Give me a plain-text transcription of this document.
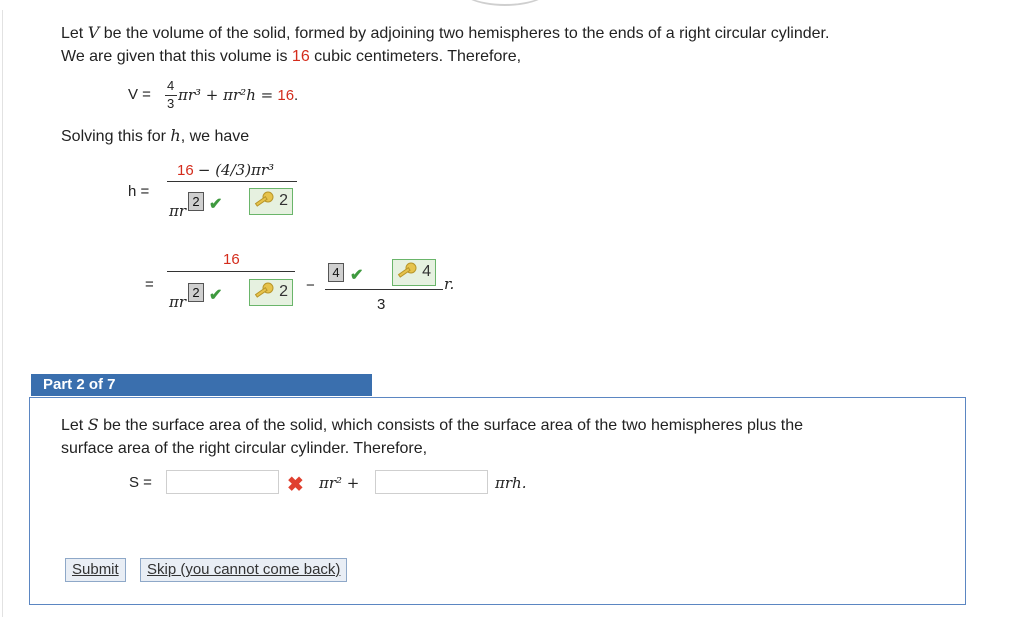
Let V be the volume of the solid, formed by adjoining two hemispheres to the ends of a right circular cylinder.
We are given that this volume is 16 cubic centimeters. Therefore,
V =
4
3 πr³ + πr²h = 16.
Solving this for h, we have
h =
16 − (4/3)πr³
πr
2 ✔	2
=
16
πr
2 ✔	2 −
4 ✔	4
3
r.
Part 2 of 7
Let S be the surface area of the solid, which consists of the surface area of the two hemispheres plus the
surface area of the right circular cylinder. Therefore,
S =	✖ πr² +	πrh.
Submit	Skip (you cannot come back)
